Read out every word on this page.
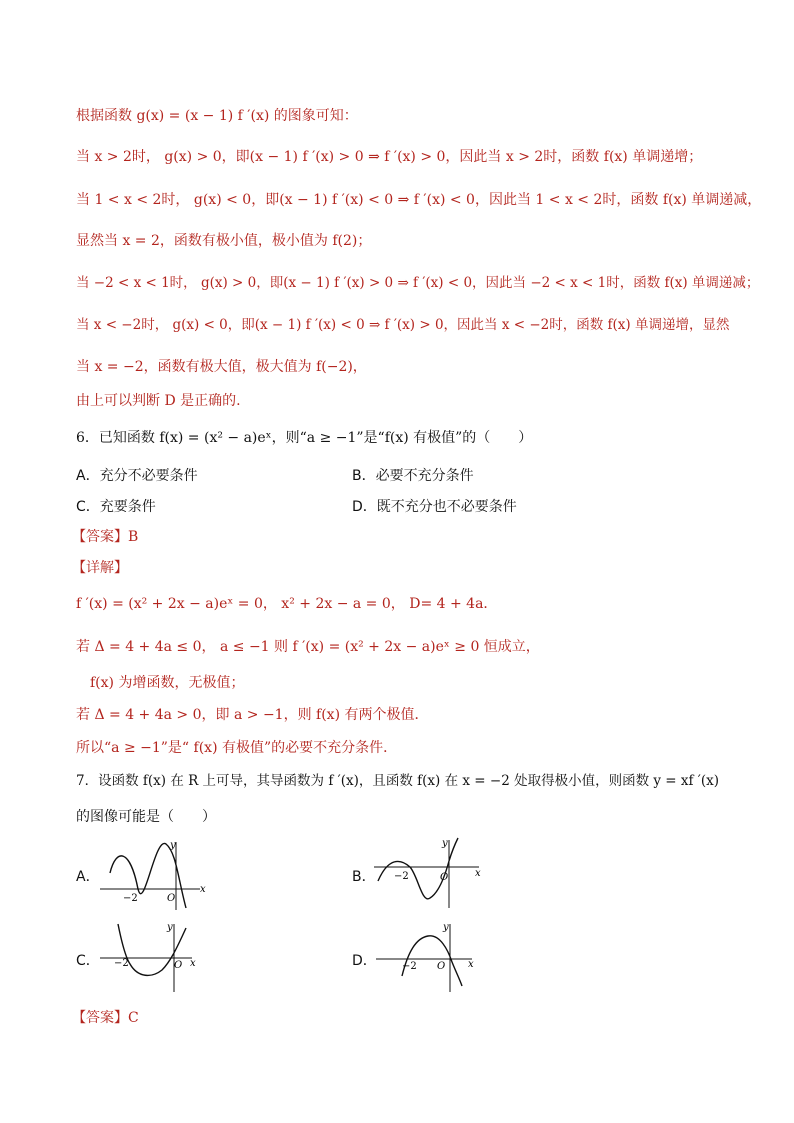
根据函数 g(x) = (x − 1) f ′(x) 的图象可知：
当 x > 2时， g(x) > 0，即(x − 1) f ′(x) > 0 ⇒ f ′(x) > 0，因此当 x > 2时，函数 f(x) 单调递增；
当 1 < x < 2时， g(x) < 0，即(x − 1) f ′(x) < 0 ⇒ f ′(x) < 0，因此当 1 < x < 2时，函数 f(x) 单调递减，
显然当 x = 2，函数有极小值，极小值为 f(2)；
当 −2 < x < 1时， g(x) > 0，即(x − 1) f ′(x) > 0 ⇒ f ′(x) < 0，因此当 −2 < x < 1时，函数 f(x) 单调递减；
当 x < −2时， g(x) < 0，即(x − 1) f ′(x) < 0 ⇒ f ′(x) > 0，因此当 x < −2时，函数 f(x) 单调递增，显然
当 x = −2，函数有极大值，极大值为 f(−2)，
由上可以判断 D 是正确的.
6．已知函数 f(x) = (x² − a)eˣ，则“a ≥ −1”是“f(x) 有极值”的（　　）
A．充分不必要条件	B．必要不充分条件
C．充要条件	D．既不充分也不必要条件
【答案】B
【详解】
f ′(x) = (x² + 2x − a)eˣ = 0， x² + 2x − a = 0， D= 4 + 4a．
若 Δ = 4 + 4a ≤ 0， a ≤ −1 则 f ′(x) = (x² + 2x − a)eˣ ≥ 0 恒成立，
f(x) 为增函数，无极值；
若 Δ = 4 + 4a > 0，即 a > −1，则 f(x) 有两个极值．
所以“a ≥ −1”是“ f(x) 有极值”的必要不充分条件．
7．设函数 f(x) 在 R 上可导，其导函数为 f ′(x)，且函数 f(x) 在 x = −2 处取得极小值，则函数 y = xf ′(x)
的图像可能是（　　）
A．	B．
C．	D．
y
x
O
−2
y
x
O
−2
y
x
O
−2
y
x
O
−2
【答案】C
